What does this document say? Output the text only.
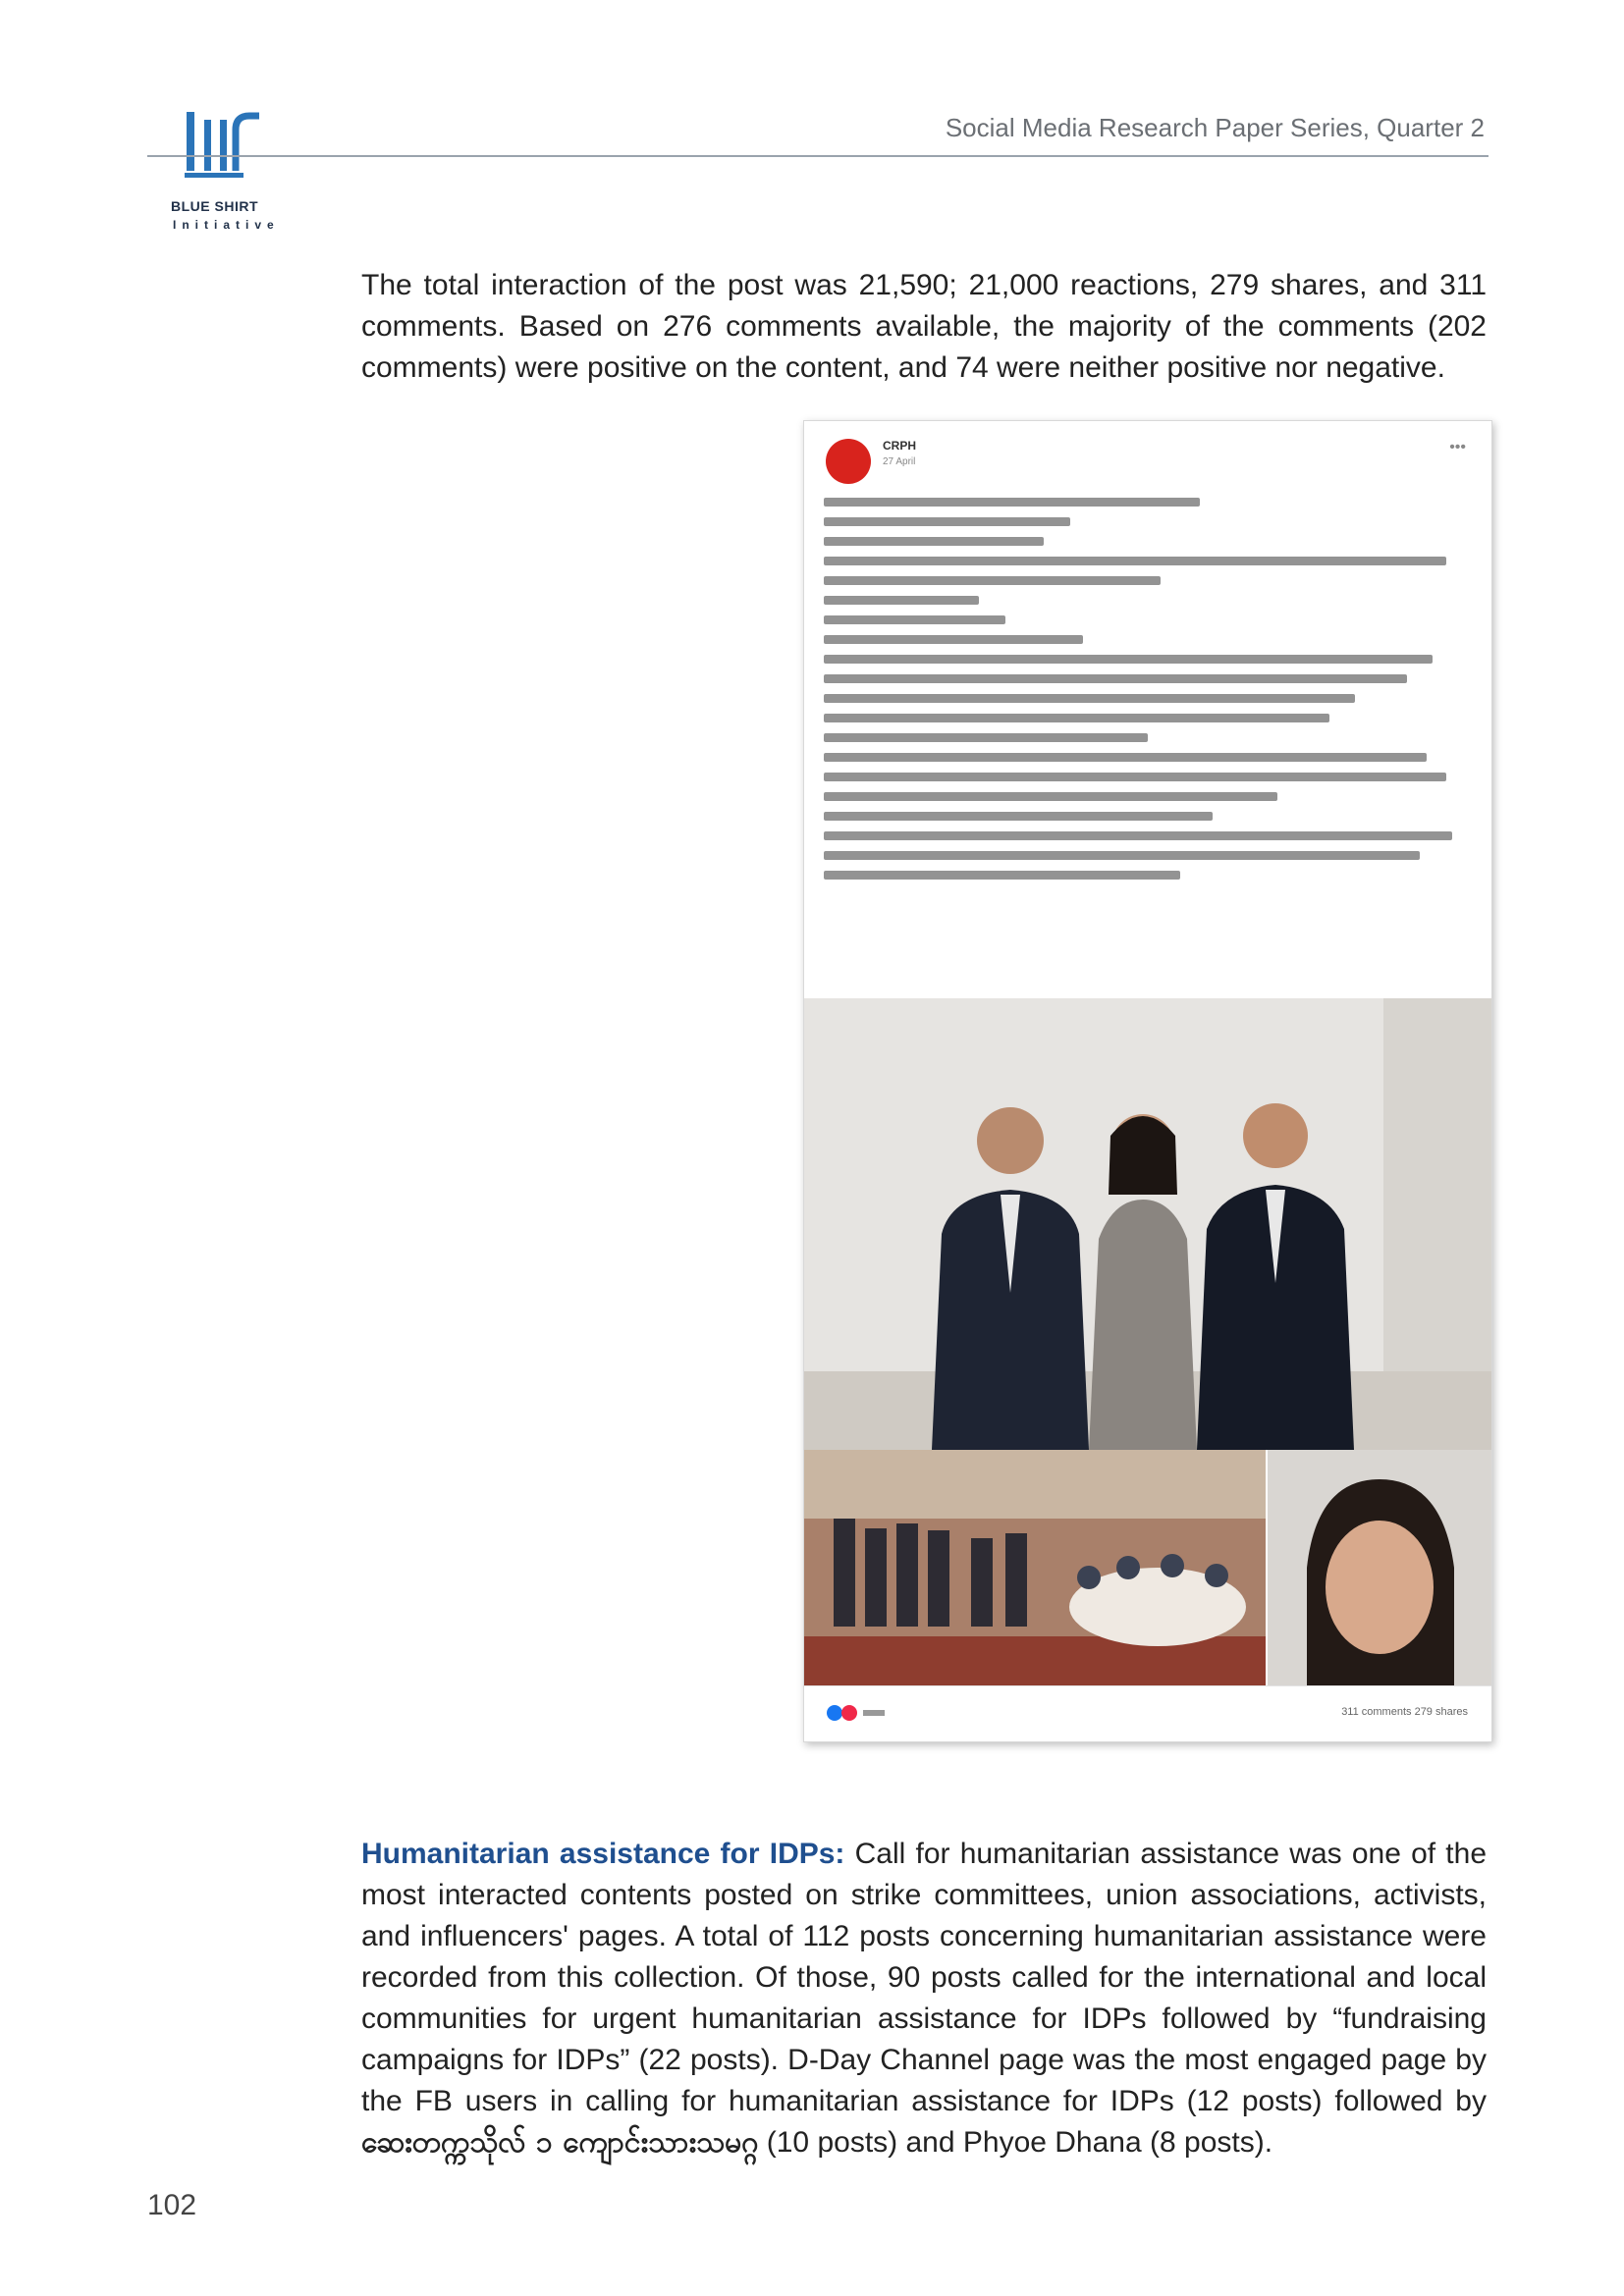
BLUE SHIRT
Initiative
Social Media Research Paper Series, Quarter 2
The total interaction of the post was 21,590; 21,000 reactions, 279 shares, and 311 comments. Based on 276 comments available, the majority of the comments (202 comments) were positive on the content, and 74 were neither positive nor negative.
CRPH
27 April
•••
311 comments 279 shares
Humanitarian assistance for IDPs: Call for humanitarian assistance was one of the most interacted contents posted on strike committees, union associations, activists, and influencers' pages. A total of 112 posts concerning humanitarian assistance were recorded from this collection. Of those, 90 posts called for the international and local communities for urgent humanitarian assistance for IDPs followed by “fundraising campaigns for IDPs” (22 posts). D-Day Channel page was the most engaged page by the FB users in calling for humanitarian assistance for IDPs (12 posts) followed by ဆေးတက္ကသိုလ် ၁ ကျောင်းသားသမဂ္ဂ (10 posts) and Phyoe Dhana (8 posts).
102
